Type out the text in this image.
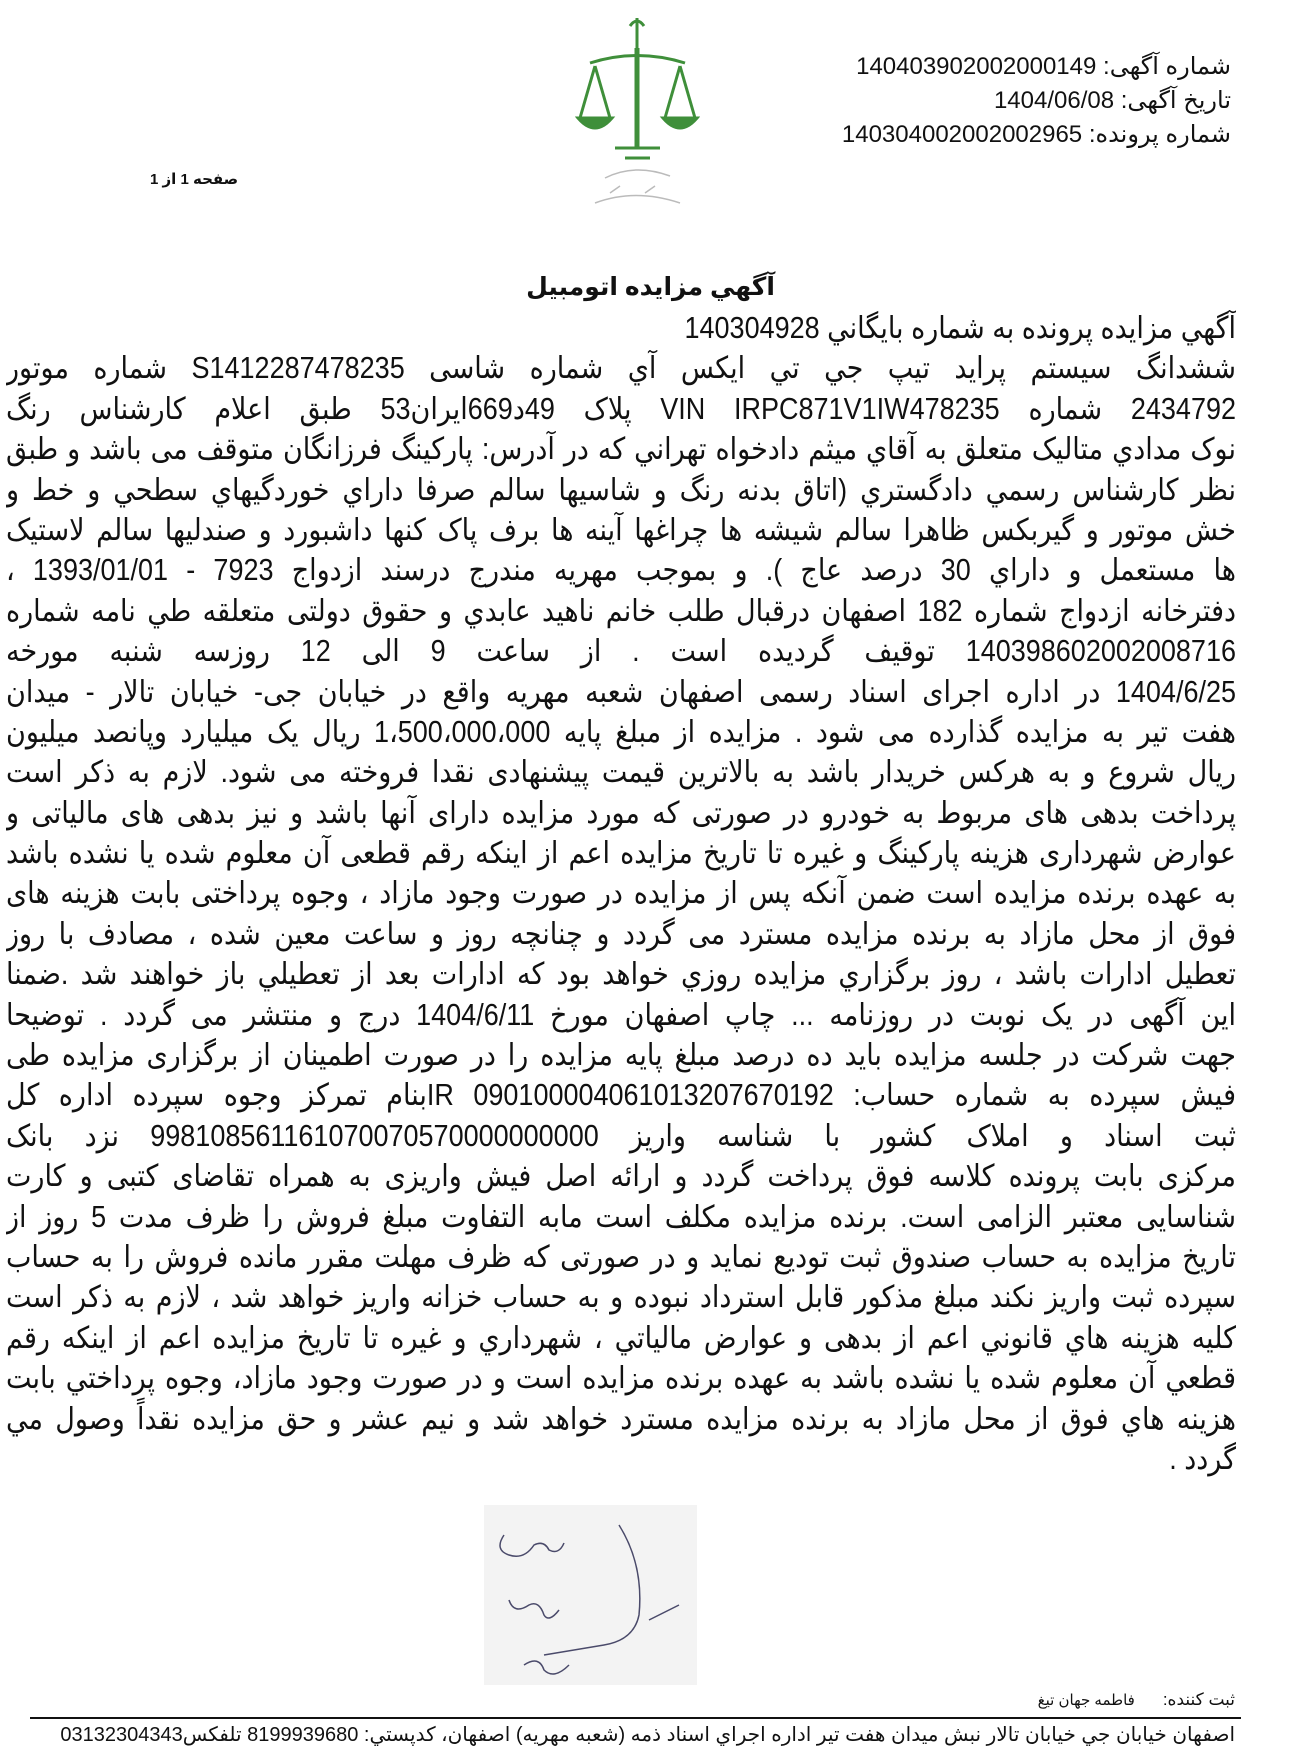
شماره آگهی: 140403902002000149
تاریخ آگهی: 1404/06/08
شماره پرونده: 140304002002002965
صفحه 1 از 1
آگهي مزايده اتومبيل
آگهي مزايده پرونده به شماره بايگاني 140304928
ششدانگ سيستم پرايد تيپ جي تي ايكس آي شماره شاسی S1412287478235 شماره موتور
2434792 شماره VIN IRPC871V1IW478235 پلاک 49د669ايران53 طبق اعلام کارشناس رنگ
نوک مدادي متاليک متعلق به آقاي ميثم دادخواه تهراني که در آدرس: پارکينگ فرزانگان متوقف می باشد و طبق
نظر کارشناس رسمي دادگستري (اتاق بدنه رنگ و شاسيها سالم صرفا داراي خوردگيهاي سطحي و خط و
خش موتور و گيربکس ظاهرا سالم شيشه ها چراغها آينه ها برف پاک کنها داشبورد و صندليها سالم لاستيک
ها مستعمل و داراي 30 درصد عاج ). و بموجب مهريه مندرج درسند ازدواج 7923 - 1393/01/01 ،
دفترخانه ازدواج شماره 182 اصفهان درقبال طلب خانم ناهيد عابدي و حقوق دولتی متعلقه طي نامه شماره
140398602002008716 توقيف گرديده است . از ساعت 9 الی 12 روزسه شنبه مورخه
1404/6/25 در اداره اجرای اسناد رسمی اصفهان شعبه مهريه واقع در خيابان جی- خيابان تالار - ميدان
هفت تير به مزايده گذارده می شود . مزايده از مبلغ پايه 1،500،000،000 ريال يک ميليارد وپانصد ميليون
ريال شروع و به هرکس خريدار باشد به بالاترين قيمت پيشنهادی نقدا فروخته می شود. لازم به ذکر است
پرداخت بدهی های مربوط به خودرو در صورتی که مورد مزايده دارای آنها باشد و نيز بدهی های مالياتی و
عوارض شهرداری هزينه پارکينگ و غيره تا تاريخ مزايده اعم از اينکه رقم قطعی آن معلوم شده يا نشده باشد
به عهده برنده مزايده است ضمن آنکه پس از مزايده در صورت وجود مازاد ، وجوه پرداختی بابت هزينه های
فوق از محل مازاد به برنده مزايده مسترد می گردد و چنانچه روز و ساعت معين شده ، مصادف با روز
تعطيل ادارات باشد ، روز برگزاري مزايده روزي خواهد بود که ادارات بعد از تعطيلي باز خواهند شد .ضمنا
اين آگهی در يک نوبت در روزنامه ... چاپ اصفهان مورخ 1404/6/11 درج و منتشر می گردد . توضيحا
جهت شرکت در جلسه مزايده بايد ده درصد مبلغ پايه مزايده را در صورت اطمينان از برگزاری مزايده طی
فيش سپرده به شماره حساب: IR 090100004061013207670192بنام تمرکز وجوه سپرده اداره کل
ثبت اسناد و املاک کشور با شناسه واريز 998108561161070070570000000000 نزد بانک
مرکزی بابت پرونده کلاسه فوق پرداخت گردد و ارائه اصل فيش واريزی به همراه تقاضای کتبی و کارت
شناسايی معتبر الزامی است. برنده مزايده مکلف است مابه التفاوت مبلغ فروش را ظرف مدت 5 روز از
تاريخ مزايده به حساب صندوق ثبت توديع نمايد و در صورتی که ظرف مهلت مقرر مانده فروش را به حساب
سپرده ثبت واريز نکند مبلغ مذکور قابل استرداد نبوده و به حساب خزانه واريز خواهد شد ، لازم به ذکر است
کليه هزينه هاي قانوني اعم از بدهی و عوارض مالياتي ، شهرداري و غيره تا تاريخ مزايده اعم از اينکه رقم
قطعي آن معلوم شده يا نشده باشد به عهده برنده مزايده است و در صورت وجود مازاد، وجوه پرداختي بابت
هزينه هاي فوق از محل مازاد به برنده مزايده مسترد خواهد شد و نيم عشر و حق مزايده نقداً وصول مي
گردد .
ثبت کننده:فاطمه جهان تيغ
اصفهان خيابان جي خيابان تالار نبش ميدان هفت تير اداره اجراي اسناد ذمه (شعبه مهريه) اصفهان، کدپستي: 8199939680 تلفکس03132304343
